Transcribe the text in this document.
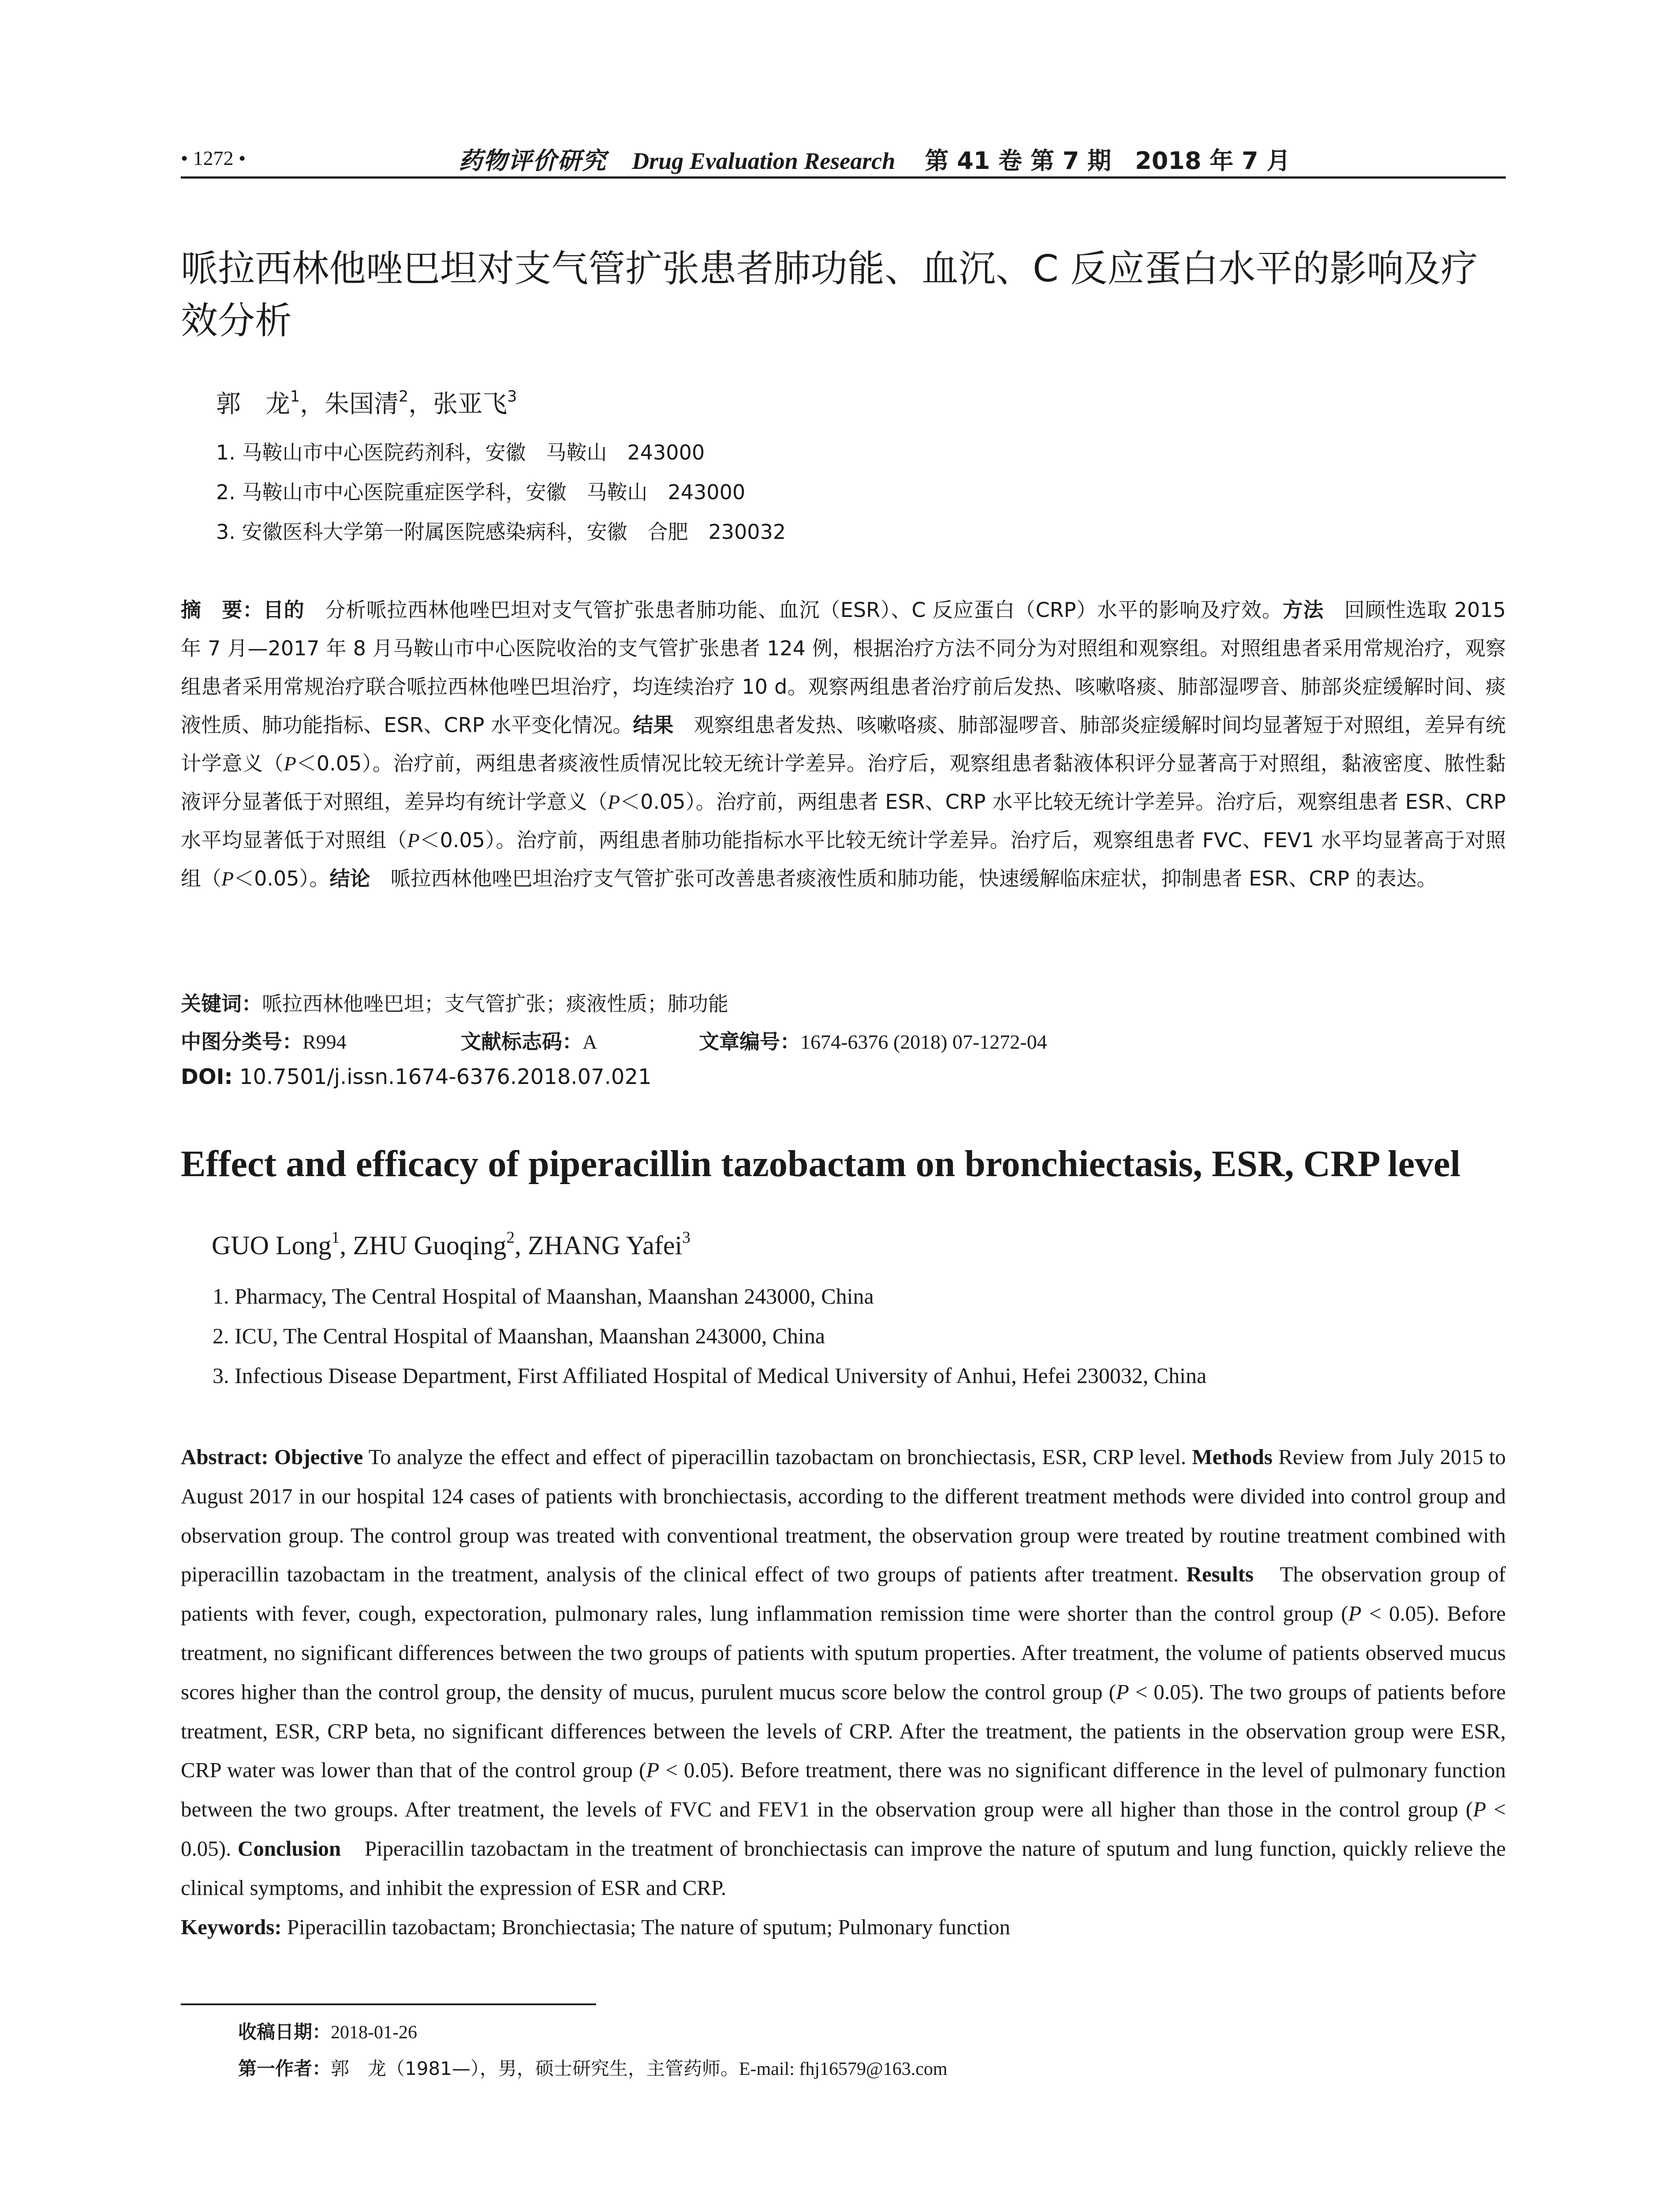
• 1272 •	药物评价研究 Drug Evaluation Research 第 41 卷 第 7 期　2018 年 7 月
哌拉西林他唑巴坦对支气管扩张患者肺功能、血沉、C 反应蛋白水平的影响及疗效分析
郭　龙$^1$，朱国清$^2$，张亚飞$^3$
1. 马鞍山市中心医院药剂科，安徽　马鞍山　243000
2. 马鞍山市中心医院重症医学科，安徽　马鞍山　243000
3. 安徽医科大学第一附属医院感染病科，安徽　合肥　230032
摘　要：目的　分析哌拉西林他唑巴坦对支气管扩张患者肺功能、血沉（ESR）、C 反应蛋白（CRP）水平的影响及疗效。方法　回顾性选取 2015 年 7 月—2017 年 8 月马鞍山市中心医院收治的支气管扩张患者 124 例，根据治疗方法不同分为对照组和观察组。对照组患者采用常规治疗，观察组患者采用常规治疗联合哌拉西林他唑巴坦治疗，均连续治疗 10 d。观察两组患者治疗前后发热、咳嗽咯痰、肺部湿啰音、肺部炎症缓解时间、痰液性质、肺功能指标、ESR、CRP 水平变化情况。结果　观察组患者发热、咳嗽咯痰、肺部湿啰音、肺部炎症缓解时间均显著短于对照组，差异有统计学意义（P＜0.05）。治疗前，两组患者痰液性质情况比较无统计学差异。治疗后，观察组患者黏液体积评分显著高于对照组，黏液密度、脓性黏液评分显著低于对照组，差异均有统计学意义（P＜0.05）。治疗前，两组患者 ESR、CRP 水平比较无统计学差异。治疗后，观察组患者 ESR、CRP 水平均显著低于对照组（P＜0.05）。治疗前，两组患者肺功能指标水平比较无统计学差异。治疗后，观察组患者 FVC、FEV1 水平均显著高于对照组（P＜0.05）。结论　哌拉西林他唑巴坦治疗支气管扩张可改善患者痰液性质和肺功能，快速缓解临床症状，抑制患者 ESR、CRP 的表达。
关键词：哌拉西林他唑巴坦；支气管扩张；痰液性质；肺功能
中图分类号：R994	文献标志码：A	文章编号：1674-6376 (2018) 07-1272-04
DOI: 10.7501/j.issn.1674-6376.2018.07.021
Effect and efficacy of piperacillin tazobactam on bronchiectasis, ESR, CRP level
GUO Long$^1$, ZHU Guoqing$^2$, ZHANG Yafei$^3$
1. Pharmacy, The Central Hospital of Maanshan, Maanshan 243000, China
2. ICU, The Central Hospital of Maanshan, Maanshan 243000, China
3. Infectious Disease Department, First Affiliated Hospital of Medical University of Anhui, Hefei 230032, China
Abstract: Objective To analyze the effect and effect of piperacillin tazobactam on bronchiectasis, ESR, CRP level. Methods Review from July 2015 to August 2017 in our hospital 124 cases of patients with bronchiectasis, according to the different treatment methods were divided into control group and observation group. The control group was treated with conventional treatment, the observation group were treated by routine treatment combined with piperacillin tazobactam in the treatment, analysis of the clinical effect of two groups of patients after treatment. Results　The observation group of patients with fever, cough, expectoration, pulmonary rales, lung inflammation remission time were shorter than the control group (P < 0.05). Before treatment, no significant differences between the two groups of patients with sputum properties. After treatment, the volume of patients observed mucus scores higher than the control group, the density of mucus, purulent mucus score below the control group (P < 0.05). The two groups of patients before treatment, ESR, CRP beta, no significant differences between the levels of CRP. After the treatment, the patients in the observation group were ESR, CRP water was lower than that of the control group (P < 0.05). Before treatment, there was no significant difference in the level of pulmonary function between the two groups. After treatment, the levels of FVC and FEV1 in the observation group were all higher than those in the control group (P < 0.05). Conclusion　Piperacillin tazobactam in the treatment of bronchiectasis can improve the nature of sputum and lung function, quickly relieve the clinical symptoms, and inhibit the expression of ESR and CRP.
Keywords: Piperacillin tazobactam; Bronchiectasia; The nature of sputum; Pulmonary function
收稿日期：2018-01-26
第一作者：郭　龙（1981—），男，硕士研究生，主管药师。E-mail: fhj16579@163.com
